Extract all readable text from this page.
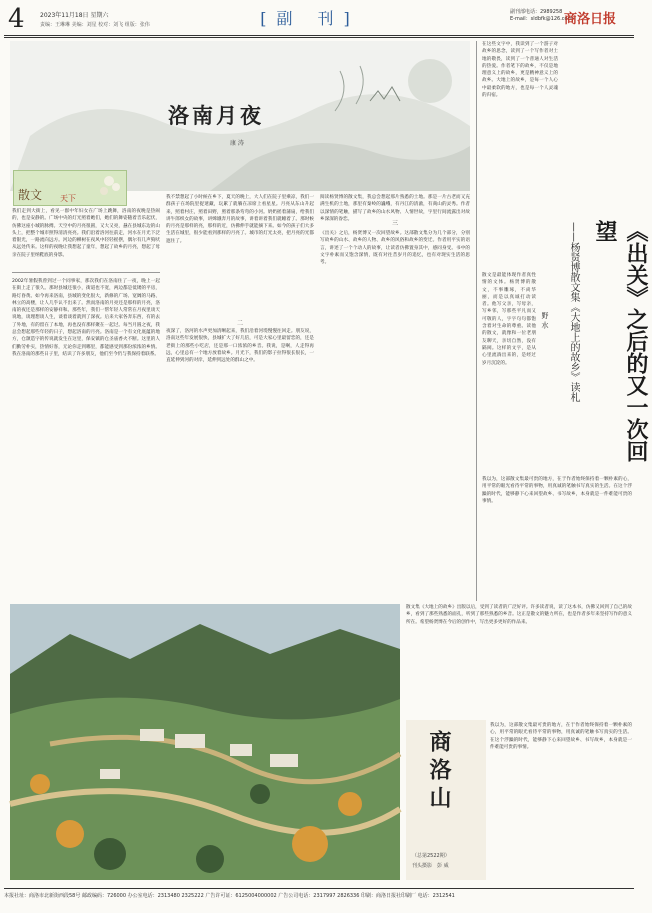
4	2023年11月18日 星期六
责编：王琳琳 美编：刘星 校对：刘飞 组版：张伟	[副 刊]	副刊部电话：2989258
E-mail：sldbfk@126.com
商洛日报
洛南月夜
康 涛
散文 天下
我们走到大街上，看见一群中年妇女在广场上跳舞，洛南的夜晚是热闹的，也是安静的。广场中央的灯光照着她们，她们的舞姿随着音乐起伏，仿佛这座小城的脉搏。天空中的月亮很圆，又大又亮，悬在县城东边的山头上，把整个城市照得清清亮亮。我们沿着洛河往前走，河水在月光下泛着银光，一路流向远方。河边的柳树在夜风中轻轻摇摆，偶尔有几声狗吠从远处传来。这样的夜晚让我想起了童年，想起了故乡的月亮，想起了母亲在院子里纳鞋底的身影。
2002年暑假我曾到过一个同事家，那次我们在洛南住了一夜，晚上一起在街上走了很久。那时县城还很小，街道也不宽，两边都是低矮的平房，路灯昏黄。如今再来洛南，县城的变化很大，新修的广场、宽阔的马路、林立的高楼，让人几乎认不出来了。然而洛南的月亮还是那样的月亮，洛南的夜还是那样的安静祥和。那些年，我们一帮年轻人常常在月夜里谈天说地，谈理想谈人生，谈着谈着就到了深夜。后来大家各奔东西，有的去了外地，有的留在了本地，再也没有那样聚在一起过。每当月圆之夜，我总会想起那些年轻的日子，想起洛南的月亮。洛南是一个有文化底蕴的地方，仓颉造字的传说就发生在这里，保安镇的仓圣庙香火不断。这里的人们勤劳朴实，热情好客，无论你走到哪里，都能感受到那份浓浓的乡情。我在洛南的那些日子里，结识了许多朋友，他们至今仍与我保持着联系。
我不禁想起了小时候在乡下，夏天的晚上，大人们在院子里乘凉，我们一群孩子在场院里捉迷藏，玩累了就躺在凉席上看星星。月亮从东山升起来，照着村庄，照着田野，照着那条弯弯的小河。奶奶摇着蒲扇，给我们讲牛郎织女的故事，讲嫦娥奔月的故事，讲着讲着我们就睡着了。那时候的月亮是那样的亮，那样的近，仿佛伸手就能摘下来。如今的孩子们大多生活在城里，很少能看到那样的月亮了。城市的灯光太亮，把月亮的光都遮住了。
二
夜深了，洛河的水声更加清晰起来，我们沿着河堤慢慢往回走。朋友说，洛南这些年发展很快，县城扩大了好几倍，可是大家心里最留恋的，还是老街上的那些小吃店，还是那一口浓浓的乡音。我说，是啊，人走得再远，心里总有一个地方放着故乡。月光下，我们的影子拉得很长很长，一直延伸到河的对岸，延伸到远处的群山之中。
阅读杨贤博的散文集，我总会想起那片熟悉的土地。那是一片古老而又充满生机的土地，那里有秦岭的巍峨，有丹江的清澈，有商山的灵秀。作者以深情的笔触，描写了故乡的山水风物、人情世故，字里行间流露出对故乡深深的眷恋。
三
《出关》之后，杨贤博又一次回望故乡。这部散文集分为几个部分，分别写故乡的山水、故乡的人物、故乡的风俗和故乡的变迁。作者用平实的语言，讲述了一个个动人的故事，让读者仿佛置身其中，感同身受。书中的文字朴素而又饱含深情，既有对往昔岁月的追忆，也有对现实生活的思考。
在这些文字中，我读到了一个游子对故乡的思念，读到了一个写作者对土地的敬畏，读到了一个普通人对生活的热爱。作者笔下的故乡，不仅是地理意义上的故乡，更是精神意义上的故乡。大地上的故乡，是每一个人心中最柔软的地方，也是每一个人灵魂的归宿。
《出关》之后的又一次回望
——杨贤博散文集《大地上的故乡》读札
野 水
散文是最能体现作者真性情的文体。杨贤博的散文，不事雕琢，不尚华丽，而是以真诚打动读者。他写父亲，写母亲，写乡邻，写那些平凡而又可敬的人，字字句句都饱含着对生命的尊重。读他的散文，就像和一位老朋友聊天，亲切自然，没有隔阂。这样的文字，是从心里流淌出来的，是经过岁月沉淀的。
我以为，这部散文集最可贵的地方，在于作者始终保持着一颗朴素的心，用平常的眼光看待平常的事物，用真诚的笔触书写真实的生活。在这个浮躁的时代，能够静下心来回望故乡、书写故乡，本身就是一件难能可贵的事情。
散文集《大地上的故乡》出版以后，受到了读者的广泛好评。许多读者说，读了这本书，仿佛又回到了自己的故乡，看到了那些熟悉的面孔，听到了那些熟悉的乡音。这正是散文的魅力所在，也是作者多年来坚持写作的意义所在。希望杨贤博在今后的创作中，写出更多更好的作品来。
我以为，这部散文集最可贵的地方，在于作者始终保持着一颗朴素的心，用平常的眼光看待平常的事物，用真诚的笔触书写真实的生活。在这个浮躁的时代，能够静下心来回望故乡、书写故乡，本身就是一件难能可贵的事情。
商洛山
（总第2522期）
刊头摄影　彭 威
本报社址：商洛市北新街西段58号 邮政编码：726000 办公室电话：2313480 2325222 广告许可证：6125004000002 广告公司电话：2317997 2826336 印刷：商洛日报社印刷厂 电话：2312541
